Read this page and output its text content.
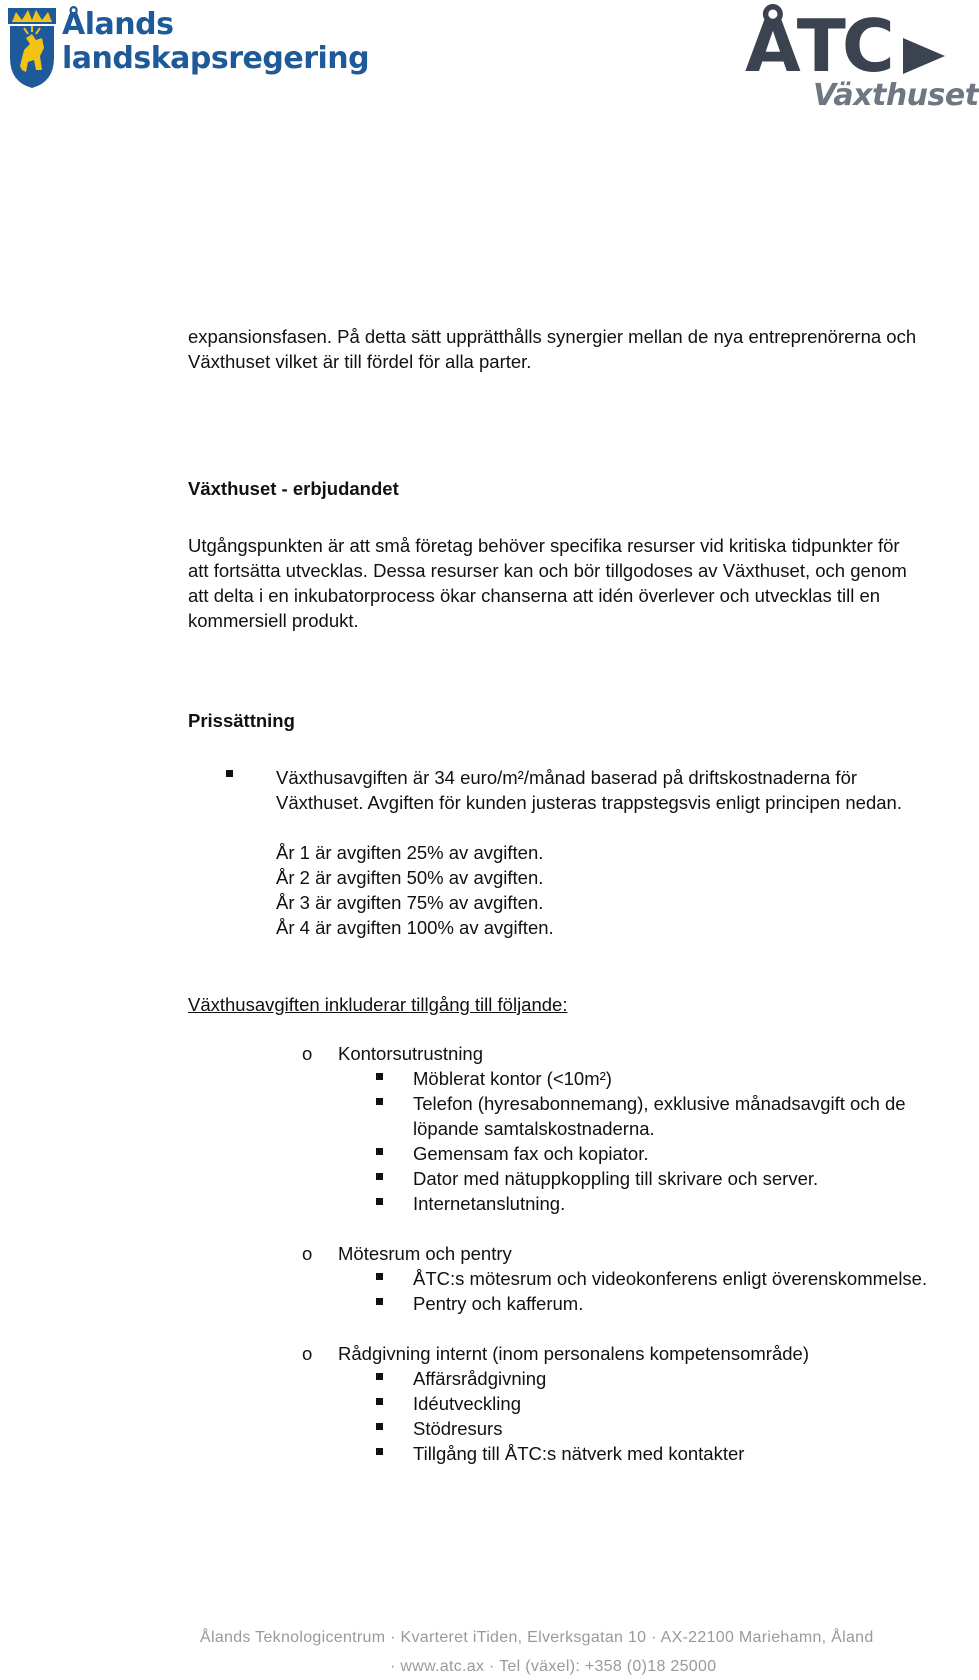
Ålands
landskapsregering	ÅTC
Växthuset
expansionsfasen. På detta sätt upprätthålls synergier mellan de nya entreprenörerna och
Växthuset vilket är till fördel för alla parter.
Växthuset - erbjudandet
Utgångspunkten är att små företag behöver specifika resurser vid kritiska tidpunkter för
att fortsätta utvecklas. Dessa resurser kan och bör tillgodoses av Växthuset, och genom
att delta i en inkubatorprocess ökar chanserna att idén överlever och utvecklas till en
kommersiell produkt.
Prissättning
Växthusavgiften är 34 euro/m²/månad baserad på driftskostnaderna för
Växthuset. Avgiften för kunden justeras trappstegsvis enligt principen nedan.
År 1 är avgiften 25% av avgiften.
År 2 är avgiften 50% av avgiften.
År 3 är avgiften 75% av avgiften.
År 4 är avgiften 100% av avgiften.
Växthusavgiften inkluderar tillgång till följande:
o Kontorsutrustning
Möblerat kontor (<10m²)
Telefon (hyresabonnemang), exklusive månadsavgift och de
löpande samtalskostnaderna.
Gemensam fax och kopiator.
Dator med nätuppkoppling till skrivare och server.
Internetanslutning.
o Mötesrum och pentry
ÅTC:s mötesrum och videokonferens enligt överenskommelse.
Pentry och kafferum.
o Rådgivning internt (inom personalens kompetensområde)
Affärsrådgivning
Idéutveckling
Stödresurs
Tillgång till ÅTC:s nätverk med kontakter
Ålands Teknologicentrum · Kvarteret iTiden, Elverksgatan 10 · AX-22100 Mariehamn, Åland
· www.atc.ax · Tel (växel): +358 (0)18 25000
